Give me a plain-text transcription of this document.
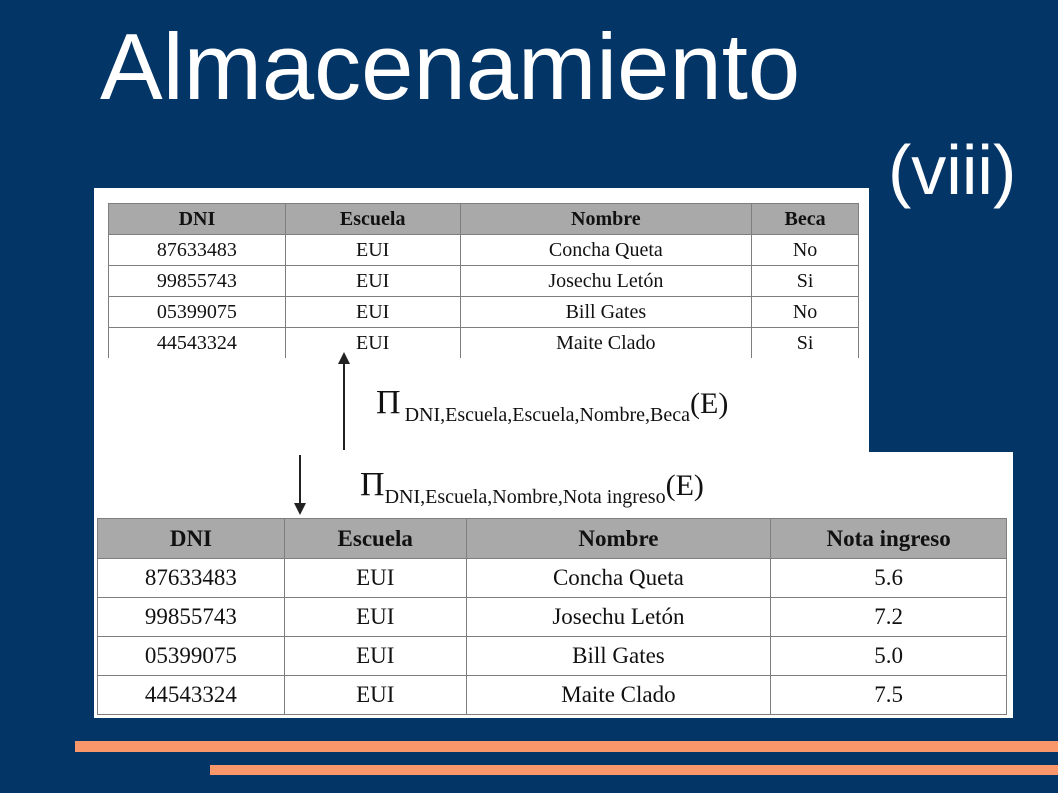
Almacenamiento
(viii)
DNI	Escuela	Nombre	Beca
87633483	EUI	Concha Queta	No
99855743	EUI	Josechu Letón	Si
05399075	EUI	Bill Gates	No
44543324	EUI	Maite Clado	Si
Π DNI,Escuela,Escuela,Nombre,Beca(E)
ΠDNI,Escuela,Nombre,Nota ingreso(E)
DNI	Escuela	Nombre	Nota ingreso
87633483	EUI	Concha Queta	5.6
99855743	EUI	Josechu Letón	7.2
05399075	EUI	Bill Gates	5.0
44543324	EUI	Maite Clado	7.5
